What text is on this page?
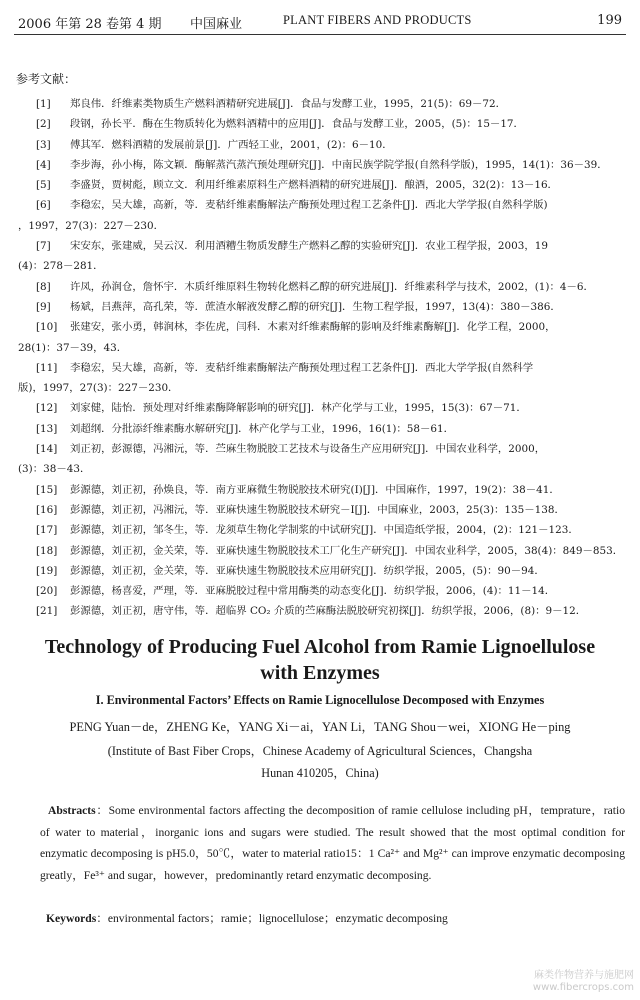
2006 年第 28 卷第 4 期 中国麻业	PLANT FIBERS AND PRODUCTS	199
参考文献：
[1]	郑良伟．纤维素类物质生产燃料酒精研究进展[J]．食品与发酵工业，1995，21(5)：69－72．
[2]	段钢，孙长平．酶在生物质转化为燃料酒精中的应用[J]．食品与发酵工业，2005，(5)：15－17．
[3]	傅其军．燃料酒精的发展前景[J]．广西轻工业，2001，(2)：6－10．
[4]	李步海，孙小梅，陈文颖．酶解蒸汽蒸汽预处理研究[J]．中南民族学院学报(自然科学版)，1995，14(1)：36－39．
[5]	李盛贤，贾树彪，顾立文．利用纤维素原料生产燃料酒精的研究进展[J]．酿酒，2005，32(2)：13－16．
[6]	李稳宏，吴大雄，高新，等．麦秸纤维素酶解法产酶预处理过程工艺条件[J]．西北大学学报(自然科学版)
，1997，27(3)：227－230．
[7]	宋安东，张建威，吴云汉．利用酒糟生物质发酵生产燃料乙醇的实验研究[J]．农业工程学报，2003，19
(4)：278－281．
[8]	许凤，孙润仓，詹怀宇．木质纤维原料生物转化燃料乙醇的研究进展[J]．纤维素科学与技术，2002，(1)：4－6．
[9]	杨斌，吕燕萍，高孔荣，等．蔗渣水解液发酵乙醇的研究[J]．生物工程学报，1997，13(4)：380－386．
[10]	张建安，张小勇，韩润林，李佐虎，闫科．木素对纤维素酶解的影响及纤维素酶解[J]．化学工程，2000，
28(1)：37－39，43．
[11]	李稳宏，吴大雄，高新，等．麦秸纤维素酶解法产酶预处理过程工艺条件[J]．西北大学学报(自然科学
版)，1997，27(3)：227－230．
[12]	刘家健，陆怡．预处理对纤维素酶降解影响的研究[J]．林产化学与工业，1995，15(3)：67－71．
[13]	刘超纲．分批添纤维素酶水解研究[J]．林产化学与工业，1996，16(1)：58－61．
[14]	刘正初，彭源德，冯湘沅，等．苎麻生物脱胶工艺技术与设备生产应用研究[J]．中国农业科学，2000，
(3)：38－43．
[15]	彭源德，刘正初，孙焕良，等．南方亚麻微生物脱胶技术研究(Ⅰ)[J]．中国麻作，1997，19(2)：38－41．
[16]	彭源德，刘正初，冯湘沅，等．亚麻快速生物脱胶技术研究－Ⅰ[J]．中国麻业，2003，25(3)：135－138．
[17]	彭源德，刘正初，邹冬生，等．龙须草生物化学制浆的中试研究[J]．中国造纸学报，2004，(2)：121－123．
[18]	彭源德，刘正初，金关荣，等．亚麻快速生物脱胶技术工厂化生产研究[J]．中国农业科学，2005，38(4)：849－853．
[19]	彭源德，刘正初，金关荣，等．亚麻快速生物脱胶技术应用研究[J]．纺织学报，2005，(5)：90－94．
[20]	彭源德，杨喜爱，严理，等．亚麻脱胶过程中常用酶类的动态变化[J]．纺织学报，2006，(4)：11－14．
[21]	彭源德，刘正初，唐守伟，等．超临界 CO₂ 介质的苎麻酶法脱胶研究初探[J]．纺织学报，2006，(8)：9－12．
Technology of Producing Fuel Alcohol from Ramie Lignoellulose
with Enzymes
I. Environmental Factors’ Effects on Ramie Lignocellulose Decomposed with Enzymes
PENG Yuan－de，ZHENG Ke，YANG Xi－ai，YAN Li，TANG Shou－wei，XIONG He－ping
(Institute of Bast Fiber Crops，Chinese Academy of Agricultural Sciences，Changsha
Hunan 410205，China)
Abstracts：Some environmental factors affecting the decomposition of ramie cellulose including pH，temprature，ratio of water to material，inorganic ions and sugars were studied. The result showed that the most optimal condition for enzymatic decomposing is pH5.0，50℃，water to material ratio15：1 Ca²⁺ and Mg²⁺ can improve enzymatic decomposing greatly，Fe³⁺ and sugar，however，predominantly retard enzymatic decomposing.
Keywords：environmental factors；ramie；lignocellulose；enzymatic decomposing
麻类作物营养与施肥网
www.fibercrops.com
